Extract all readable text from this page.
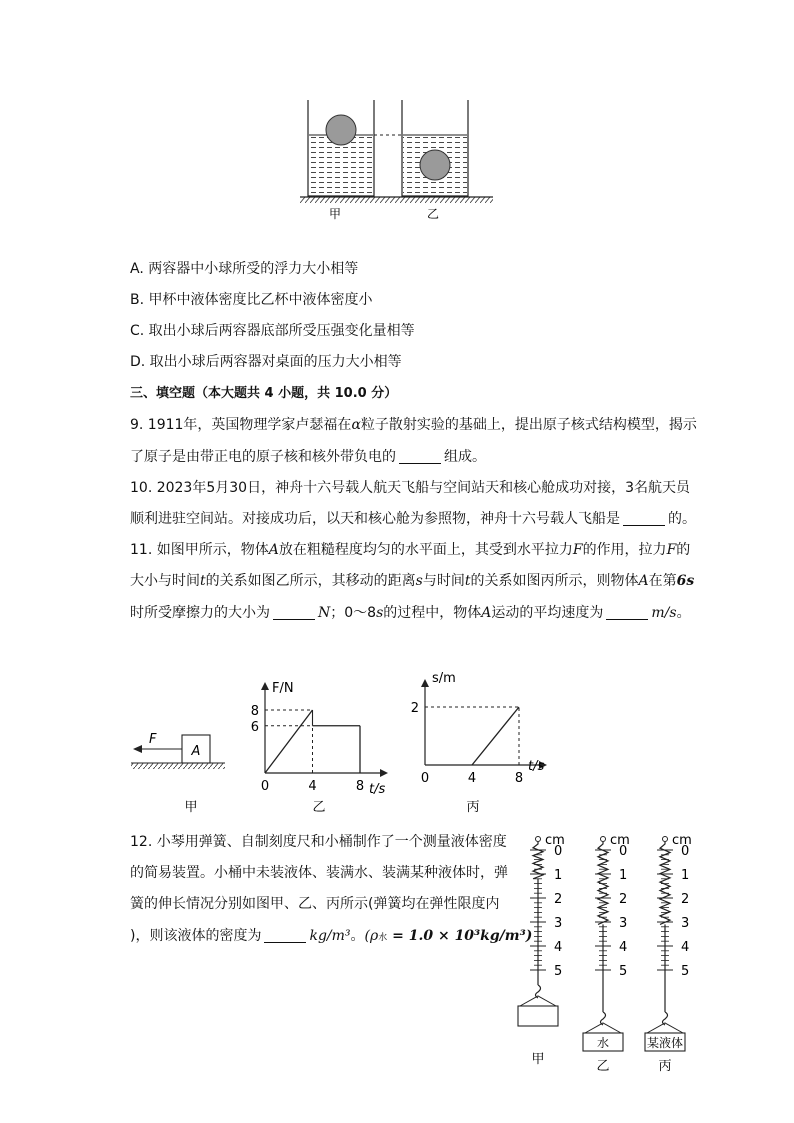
甲	乙
A. 两容器中小球所受的浮力大小相等
B. 甲杯中液体密度比乙杯中液体密度小
C. 取出小球后两容器底部所受压强变化量相等
D. 取出小球后两容器对桌面的压力大小相等
三、填空题（本大题共 4 小题，共 10.0 分）
9. 1911年，英国物理学家卢瑟福在α粒子散射实验的基础上，提出原子核式结构模型，揭示
了原子是由带正电的原子核和核外带负电的	组成。
10. 2023年5月30日，神舟十六号载人航天飞船与空间站天和核心舱成功对接，3名航天员
顺利进驻空间站。对接成功后，以天和核心舱为参照物，神舟十六号载人飞船是	的。
11. 如图甲所示，物体A放在粗糙程度均匀的水平面上，其受到水平拉力F的作用，拉力F的
大小与时间t的关系如图乙所示，其移动的距离s与时间t的关系如图丙所示，则物体A在第6s
时所受摩擦力的大小为	N；0～8s的过程中，物体A运动的平均速度为	m/s。
A
F
甲
0	4	8
6
8
F/N
t/s
乙
0	4	8
2
s/m
t/s
丙
12. 小琴用弹簧、自制刻度尺和小桶制作了一个测量液体密度
的简易装置。小桶中未装液体、装满水、装满某种液体时，弹
簧的伸长情况分别如图甲、乙、丙所示(弹簧均在弹性限度内
)，则该液体的密度为	kg/m³。(ρ水 = 1.0 × 10³kg/m³)
cm
0
1
2
3
4
5
cm
0
1
2
3
4
5
水
cm
0
1
2
3
4
5
某液体
甲	乙	丙
